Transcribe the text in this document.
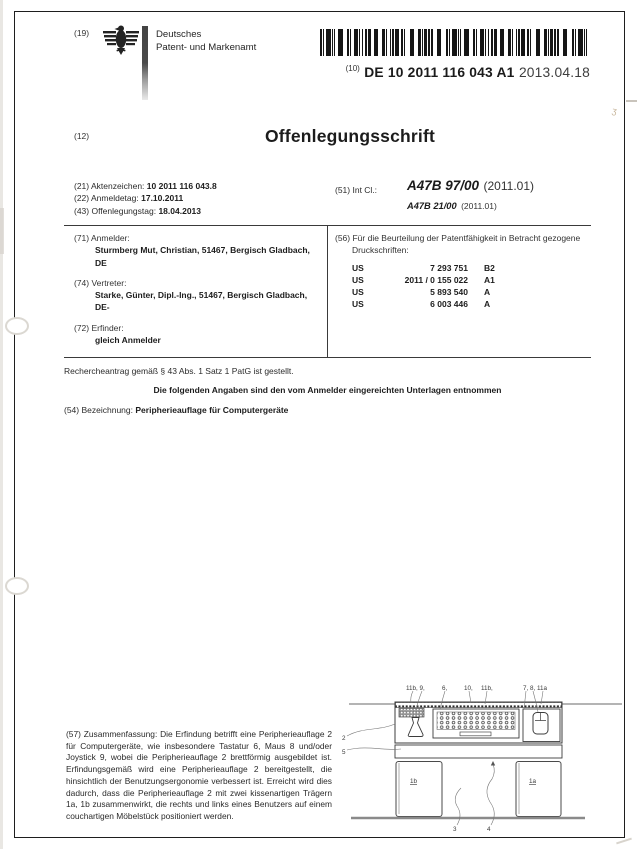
(19)	Deutsches
Patent- und Markenamt
$^{(10)}$ DE 10 2011 116 043 A1 2013.04.18
ʒ
(12)	Offenlegungsschrift
(21) Aktenzeichen: 10 2011 116 043.8
(22) Anmeldetag: 17.10.2011
(43) Offenlegungstag: 18.04.2013
(51) Int Cl.: A47B 97/00 (2011.01)
A47B 21/00 (2011.01)
(71) Anmelder:
Sturmberg Mut, Christian, 51467, Bergisch Gladbach, DE
(74) Vertreter:
Starke, Günter, Dipl.-Ing., 51467, Bergisch Gladbach, DE-
(72) Erfinder:
gleich Anmelder
(56) Für die Beurteilung der Patentfähigkeit in Betracht gezogene Druckschriften:
US	7 293 751 B2
US	2011 / 0 155 022 A1
US	5 893 540 A
US	6 003 446 A
Rechercheantrag gemäß § 43 Abs. 1 Satz 1 PatG ist gestellt.
Die folgenden Angaben sind den vom Anmelder eingereichten Unterlagen entnommen
(54) Bezeichnung: Peripherieauflage für Computergeräte
(57) Zusammenfassung: Die Erfindung betrifft eine Peripherieauflage 2 für Computergeräte, wie insbesondere Tastatur 6, Maus 8 und/oder Joystick 9, wobei die Peripherieauflage 2 brettförmig ausgebildet ist. Erfindungsgemäß wird eine Peripherieauflage 2 bereitgestellt, die hinsichtlich der Benutzungsergonomie verbessert ist. Erreicht wird dies dadurch, dass die Peripherieauflage 2 mit zwei kissenartigen Trägern 1a, 1b zusammenwirkt, die rechts und links eines Benutzers auf einem couchartigen Möbelstück positioniert werden.
11b, 9,	6,	10, 11b,	7, 8, 11a
2
5
1b	1a
3	4
